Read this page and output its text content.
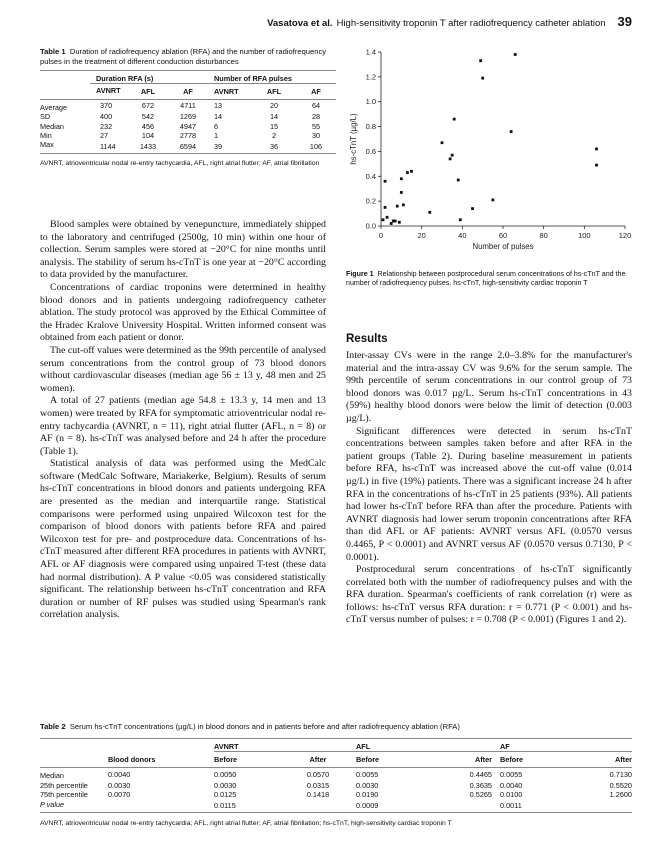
Vasatova et al. High-sensitivity troponin T after radiofrequency catheter ablation 39
Table 1 Duration of radiofrequency ablation (RFA) and the number of radiofrequency pulses in the treatment of different conduction disturbances
	Duration RFA (s)			Number of RFA pulses		
	AVNRT	AFL	AF	AVNRT	AFL	AF
Average	370	672	4711	13	20	64
SD	400	542	1269	14	14	28
Median	232	456	4947	6	15	55
Min	27	104	2778	1	2	30
Max	1144	1433	6594	39	36	106
AVNRT, atrioventricular nodal re-entry tachycardia, AFL, right atrial flutter; AF, atrial fibrillation
0.0
0.2
0.4
0.6
0.8
1.0
1.2
1.4
0	20	40	60	80	100	120
Number of pulses
hs-cTnT (µg/L)
Figure 1 Relationship between postprocedural serum concentrations of hs-cTnT and the number of radiofrequency pulses. hs-cTnT, high-sensitivity cardiac troponin T

Blood samples were obtained by venepuncture, immediately shipped to the laboratory and centrifuged (2500g, 10 min) within one hour of collection. Serum samples were stored at −20°C for nine months until analysis. The stability of serum hs-cTnT is one year at −20°C according to data provided by the manufacturer.

Concentrations of cardiac troponins were determined in healthy blood donors and in patients undergoing radiofrequency catheter ablation. The study protocol was approved by the Ethical Committee of the Hradec Kralove University Hospital. Written informed consent was obtained from each patient or donor.

The cut-off values were determined as the 99th percentile of analysed serum concentrations from the control group of 73 blood donors without cardiovascular diseases (median age 56 ± 13 y, 48 men and 25 women).

A total of 27 patients (median age 54.8 ± 13.3 y, 14 men and 13 women) were treated by RFA for symptomatic atrioventricular nodal re-entry tachycardia (AVNRT, n = 11), right atrial flutter (AFL, n = 8) or AF (n = 8). hs-cTnT was analysed before and 24 h after the procedure (Table 1).

Statistical analysis of data was performed using the MedCalc software (MedCalc Software, Mariakerke, Belgium). Results of serum hs-cTnT concentrations in blood donors and patients undergoing RFA are presented as the median and interquartile range. Statistical comparisons were performed using unpaired Wilcoxon test for the comparison of blood donors with patients before RFA and paired Wilcoxon test for pre- and postprocedure data. Concentrations of hs-cTnT measured after different RFA procedures in patients with AVNRT, AFL or AF diagnosis were compared using unpaired T-test (these data had normal distribution). A P value <0.05 was considered statistically significant. The relationship between hs-cTnT concentration and RFA duration or number of RF pulses was studied using Spearman's rank correlation analysis.

Results

Inter-assay CVs were in the range 2.0–3.8% for the manufacturer's material and the intra-assay CV was 9.6% for the serum sample. The 99th percentile of serum concentrations in our control group of 73 blood donors was 0.017 µg/L. Serum hs-cTnT concentrations in 43 (59%) healthy blood donors were below the limit of detection (0.003 µg/L).

Significant differences were detected in serum hs-cTnT concentrations between samples taken before and after RFA in the patient groups (Table 2). During baseline measurement in patients before RFA, hs-cTnT was increased above the cut-off value (0.014 µg/L) in five (19%) patients. There was a significant increase 24 h after RFA in the concentrations of hs-cTnT in 25 patients (93%). All patients had lower hs-cTnT before RFA than after the procedure. Patients with AVNRT diagnosis had lower serum troponin concentrations after RFA than did AFL or AF patients: AVNRT versus AFL (0.0570 versus 0.4465, P < 0.0001) and AVNRT versus AF (0.0570 versus 0.7130, P < 0.0001).

Postprocedural serum concentrations of hs-cTnT significantly correlated both with the number of radiofrequency pulses and with the RFA duration. Spearman's coefficients of rank correlation (r) were as follows: hs-cTnT versus RFA duration: r = 0.771 (P < 0.001) and hs-cTnT versus number of pulses: r = 0.708 (P < 0.001) (Figures 1 and 2).

Table 2 Serum hs-cTnT concentrations (µg/L) in blood donors and in patients before and after radiofrequency ablation (RFA)
		AVNRT		AFL		AF	
	Blood donors	Before	After	Before	After	Before	After
Median	0.0040	0.0050	0.0570	0.0055	0.4465	0.0055	0.7130
25th percentile	0.0030	0.0030	0.0315	0.0030	0.3635	0.0040	0.5520
75th percentile	0.0070	0.0125	0.1418	0.0190	0.5265	0.0100	1.2600
P value		0.0115		0.0009		0.0011	
AVNRT, atrioventricular nodal re-entry tachycardia; AFL, right atrial flutter; AF, atrial fibrillation; hs-cTnT, high-sensitivity cardiac troponin T
